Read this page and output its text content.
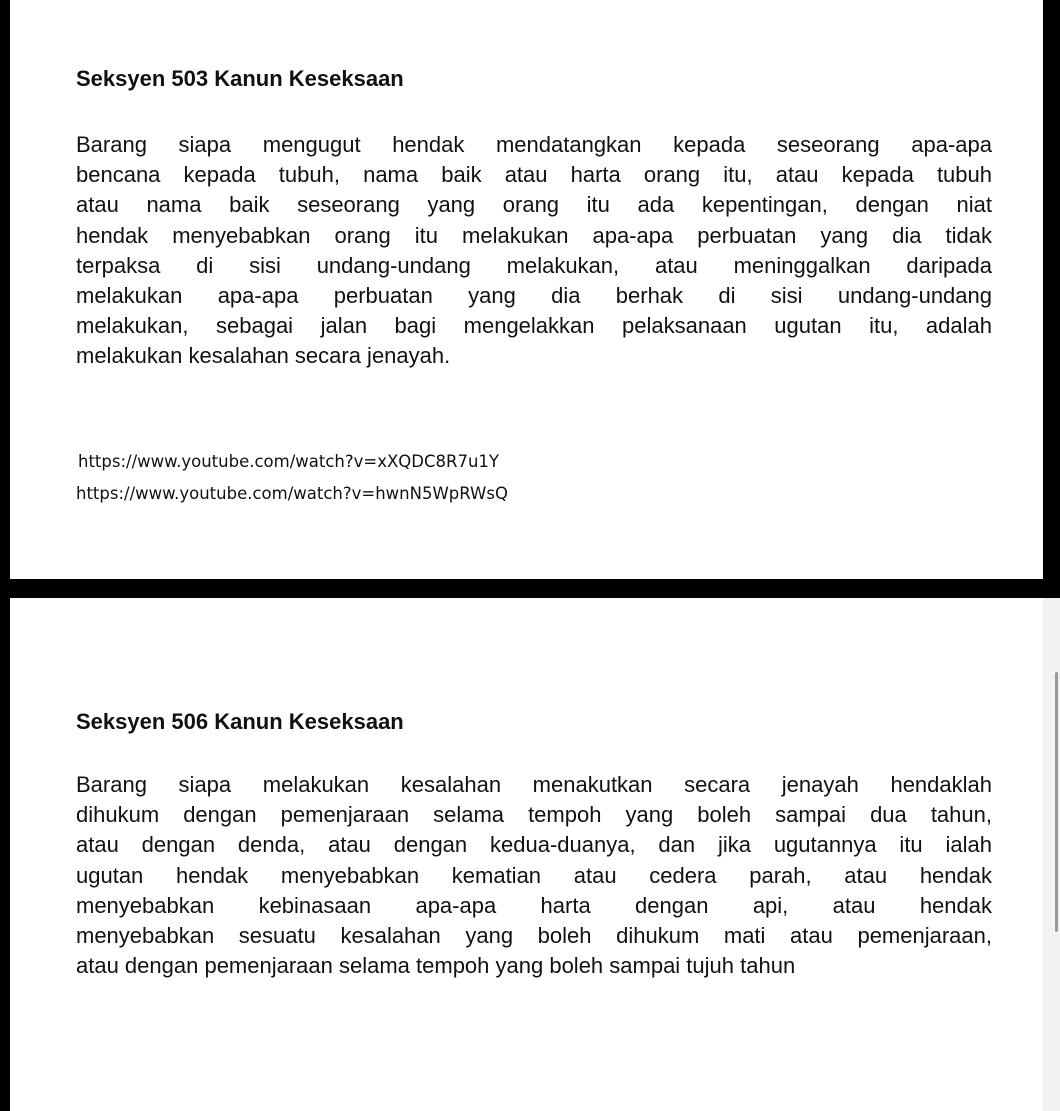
Seksyen 503 Kanun Keseksaan
Barang siapa mengugut hendak mendatangkan kepada seseorang apa-apa
bencana kepada tubuh, nama baik atau harta orang itu, atau kepada tubuh
atau nama baik seseorang yang orang itu ada kepentingan, dengan niat
hendak menyebabkan orang itu melakukan apa-apa perbuatan yang dia tidak
terpaksa di sisi undang-undang melakukan, atau meninggalkan daripada
melakukan apa-apa perbuatan yang dia berhak di sisi undang-undang
melakukan, sebagai jalan bagi mengelakkan pelaksanaan ugutan itu, adalah
melakukan kesalahan secara jenayah.
https://www.youtube.com/watch?v=xXQDC8R7u1Y
https://www.youtube.com/watch?v=hwnN5WpRWsQ
Seksyen 506 Kanun Keseksaan
Barang siapa melakukan kesalahan menakutkan secara jenayah hendaklah
dihukum dengan pemenjaraan selama tempoh yang boleh sampai dua tahun,
atau dengan denda, atau dengan kedua-duanya, dan jika ugutannya itu ialah
ugutan hendak menyebabkan kematian atau cedera parah, atau hendak
menyebabkan kebinasaan apa-apa harta dengan api, atau hendak
menyebabkan sesuatu kesalahan yang boleh dihukum mati atau pemenjaraan,
atau dengan pemenjaraan selama tempoh yang boleh sampai tujuh tahun
